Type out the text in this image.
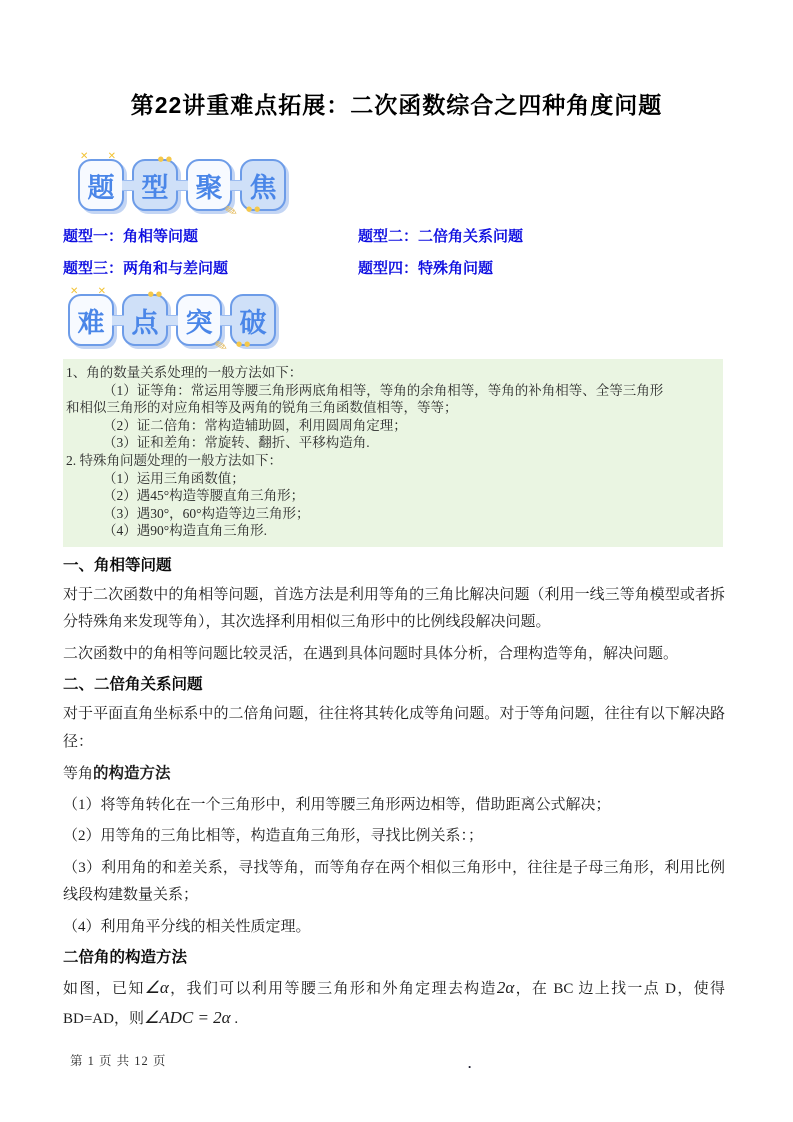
第22讲重难点拓展：二次函数综合之四种角度问题
✕ ✕
题
●●
型
✎
聚
●●
焦
题型一：角相等问题	题型二：二倍角关系问题
题型三：两角和与差问题	题型四：特殊角问题
✕ ✕
难
●●
点
✎
突
●●
破
1、角的数量关系处理的一般方法如下：
（1）证等角：常运用等腰三角形两底角相等，等角的余角相等，等角的补角相等、全等三角形
和相似三角形的对应角相等及两角的锐角三角函数值相等，等等；
（2）证二倍角：常构造辅助圆，利用圆周角定理；
（3）证和差角：常旋转、翻折、平移构造角.
2. 特殊角问题处理的一般方法如下：
（1）运用三角函数值；
（2）遇45°构造等腰直角三角形；
（3）遇30°，60°构造等边三角形；
（4）遇90°构造直角三角形.
一、角相等问题

对于二次函数中的角相等问题，首选方法是利用等角的三角比解决问题（利用一线三等角模型或者拆分特殊角来发现等角），其次选择利用相似三角形中的比例线段解决问题。

二次函数中的角相等问题比较灵活，在遇到具体问题时具体分析，合理构造等角，解决问题。

二、二倍角关系问题

对于平面直角坐标系中的二倍角问题，往往将其转化成等角问题。对于等角问题，往往有以下解决路径：

等角的构造方法

（1）将等角转化在一个三角形中，利用等腰三角形两边相等，借助距离公式解决；

（2）用等角的三角比相等，构造直角三角形，寻找比例关系：；

（3）利用角的和差关系，寻找等角，而等角存在两个相似三角形中，往往是子母三角形，利用比例线段构建数量关系；

（4）利用角平分线的相关性质定理。

二倍角的构造方法

如图，已知∠α，我们可以利用等腰三角形和外角定理去构造2α，在 BC 边上找一点 D，使得 BD=AD，则∠ADC = 2α .

第 1 页 共 12 页	.
